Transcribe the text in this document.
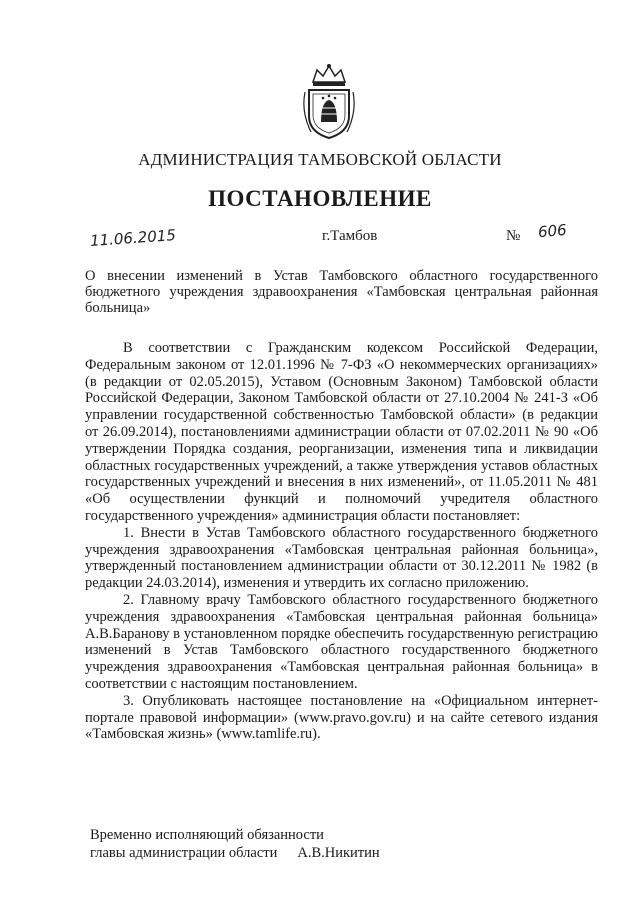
АДМИНИСТРАЦИЯ ТАМБОВСКОЙ ОБЛАСТИ
ПОСТАНОВЛЕНИЕ
11.06.2015	г.Тамбов	№ 606
О внесении изменений в Устав Тамбовского областного государственного бюджетного учреждения здравоохранения «Тамбовская центральная районная больница»

В соответствии с Гражданским кодексом Российской Федерации, Федеральным законом от 12.01.1996 № 7-ФЗ «О некоммерческих организациях» (в редакции от 02.05.2015), Уставом (Основным Законом) Тамбовской области Российской Федерации, Законом Тамбовской области от 27.10.2004 № 241-З «Об управлении государственной собственностью Тамбовской области» (в редакции от 26.09.2014), постановлениями администрации области от 07.02.2011 № 90 «Об утверждении Порядка создания, реорганизации, изменения типа и ликвидации областных государственных учреждений, а также утверждения уставов областных государственных учреждений и внесения в них изменений», от 11.05.2011 № 481 «Об осуществлении функций и полномочий учредителя областного государственного учреждения» администрация области постановляет:

1. Внести в Устав Тамбовского областного государственного бюджетного учреждения здравоохранения «Тамбовская центральная районная больница», утвержденный постановлением администрации области от 30.12.2011 № 1982 (в редакции 24.03.2014), изменения и утвердить их согласно приложению.

2. Главному врачу Тамбовского областного государственного бюджетного учреждения здравоохранения «Тамбовская центральная районная больница» А.В.Баранову в установленном порядке обеспечить государственную регистрацию изменений в Устав Тамбовского областного государственного бюджетного учреждения здравоохранения «Тамбовская центральная районная больница» в соответствии с настоящим постановлением.

3. Опубликовать настоящее постановление на «Официальном интернет-портале правовой информации» (www.pravo.gov.ru) и на сайте сетевого издания «Тамбовская жизнь» (www.tamlife.ru).

Временно исполняющий обязанности
главы администрации области А.В.Никитин
